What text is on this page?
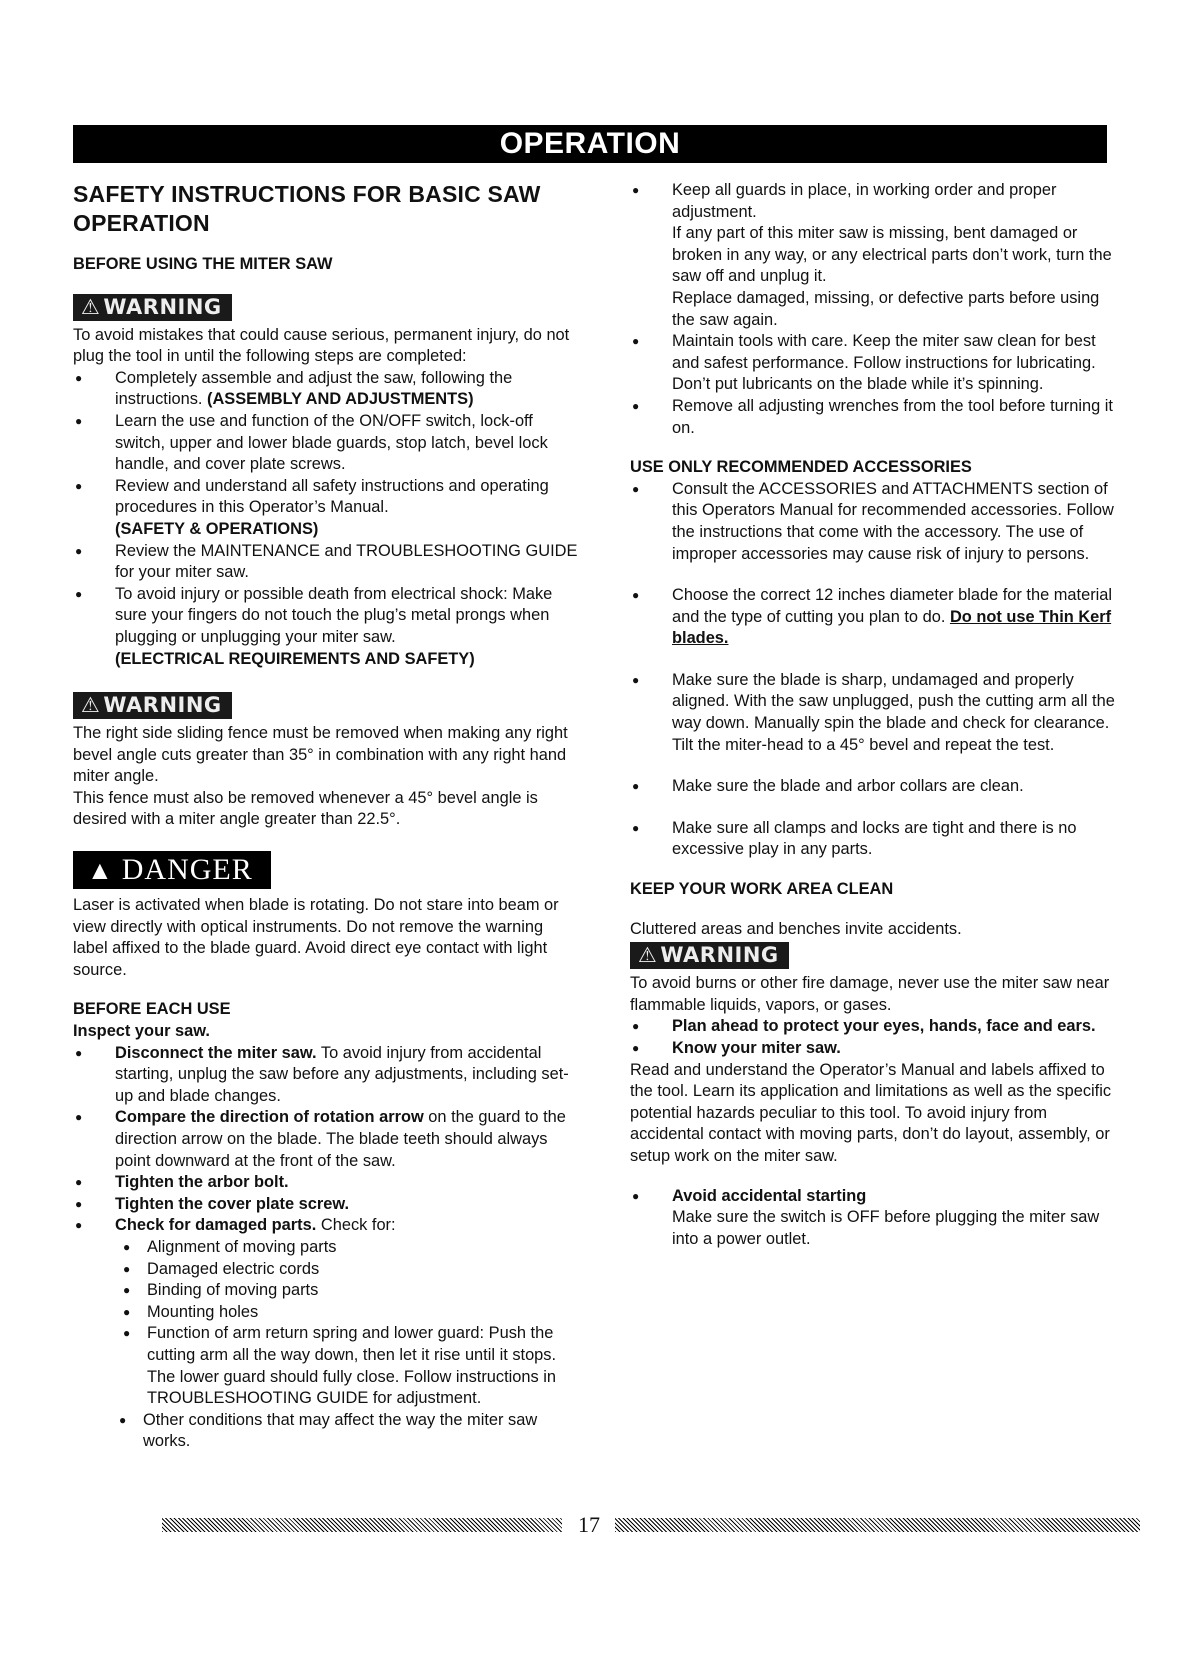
OPERATION
SAFETY INSTRUCTIONS FOR BASIC SAW OPERATION
BEFORE USING THE MITER SAW
⚠ WARNING

To avoid mistakes that could cause serious, permanent injury, do not plug the tool in until the following steps are completed:

● Completely assemble and adjust the saw, following the instructions. (ASSEMBLY AND ADJUSTMENTS)
● Learn the use and function of the ON/OFF switch, lock-off switch, upper and lower blade guards, stop latch, bevel lock handle, and cover plate screws.
● Review and understand all safety instructions and operating procedures in this Operator’s Manual.
(SAFETY & OPERATIONS)
● Review the MAINTENANCE and TROUBLESHOOTING GUIDE for your miter saw.
● To avoid injury or possible death from electrical shock: Make sure your fingers do not touch the plug’s metal prongs when plugging or unplugging your miter saw.
(ELECTRICAL REQUIREMENTS AND SAFETY)
⚠ WARNING

The right side sliding fence must be removed when making any right bevel angle cuts greater than 35° in combination with any right hand miter angle.

This fence must also be removed whenever a 45° bevel angle is desired with a miter angle greater than 22.5°.

▲ DANGER

Laser is activated when blade is rotating. Do not stare into beam or view directly with optical instruments. Do not remove the warning label affixed to the blade guard. Avoid direct eye contact with light source.

BEFORE EACH USE

Inspect your saw.

● Disconnect the miter saw. To avoid injury from accidental starting, unplug the saw before any adjustments, including set-up and blade changes.
● Compare the direction of rotation arrow on the guard to the direction arrow on the blade. The blade teeth should always point downward at the front of the saw.
● Tighten the arbor bolt.
● Tighten the cover plate screw.
● Check for damaged parts. Check for:
● Alignment of moving parts
● Damaged electric cords
● Binding of moving parts
● Mounting holes
● Function of arm return spring and lower guard: Push the cutting arm all the way down, then let it rise until it stops. The lower guard should fully close. Follow instructions in TROUBLESHOOTING GUIDE for adjustment.
● Other conditions that may affect the way the miter saw works.

● Keep all guards in place, in working order and proper adjustment.

If any part of this miter saw is missing, bent damaged or broken in any way, or any electrical parts don’t work, turn the saw off and unplug it.

Replace damaged, missing, or defective parts before using the saw again.

● Maintain tools with care. Keep the miter saw clean for best and safest performance. Follow instructions for lubricating. Don’t put lubricants on the blade while it’s spinning.
● Remove all adjusting wrenches from the tool before turning it on.
USE ONLY RECOMMENDED ACCESSORIES
● Consult the ACCESSORIES and ATTACHMENTS section of this Operators Manual for recommended accessories. Follow the instructions that come with the accessory. The use of improper accessories may cause risk of injury to persons.
● Choose the correct 12 inches diameter blade for the material and the type of cutting you plan to do. Do not use Thin Kerf blades.
● Make sure the blade is sharp, undamaged and properly aligned. With the saw unplugged, push the cutting arm all the way down. Manually spin the blade and check for clearance. Tilt the miter-head to a 45° bevel and repeat the test.
● Make sure the blade and arbor collars are clean.
● Make sure all clamps and locks are tight and there is no excessive play in any parts.
KEEP YOUR WORK AREA CLEAN

Cluttered areas and benches invite accidents.

⚠ WARNING

To avoid burns or other fire damage, never use the miter saw near flammable liquids, vapors, or gases.

● Plan ahead to protect your eyes, hands, face and ears.
● Know your miter saw.

Read and understand the Operator’s Manual and labels affixed to the tool. Learn its application and limitations as well as the specific potential hazards peculiar to this tool. To avoid injury from accidental contact with moving parts, don’t do layout, assembly, or setup work on the miter saw.

● Avoid accidental starting
Make sure the switch is OFF before plugging the miter saw into a power outlet.
17
